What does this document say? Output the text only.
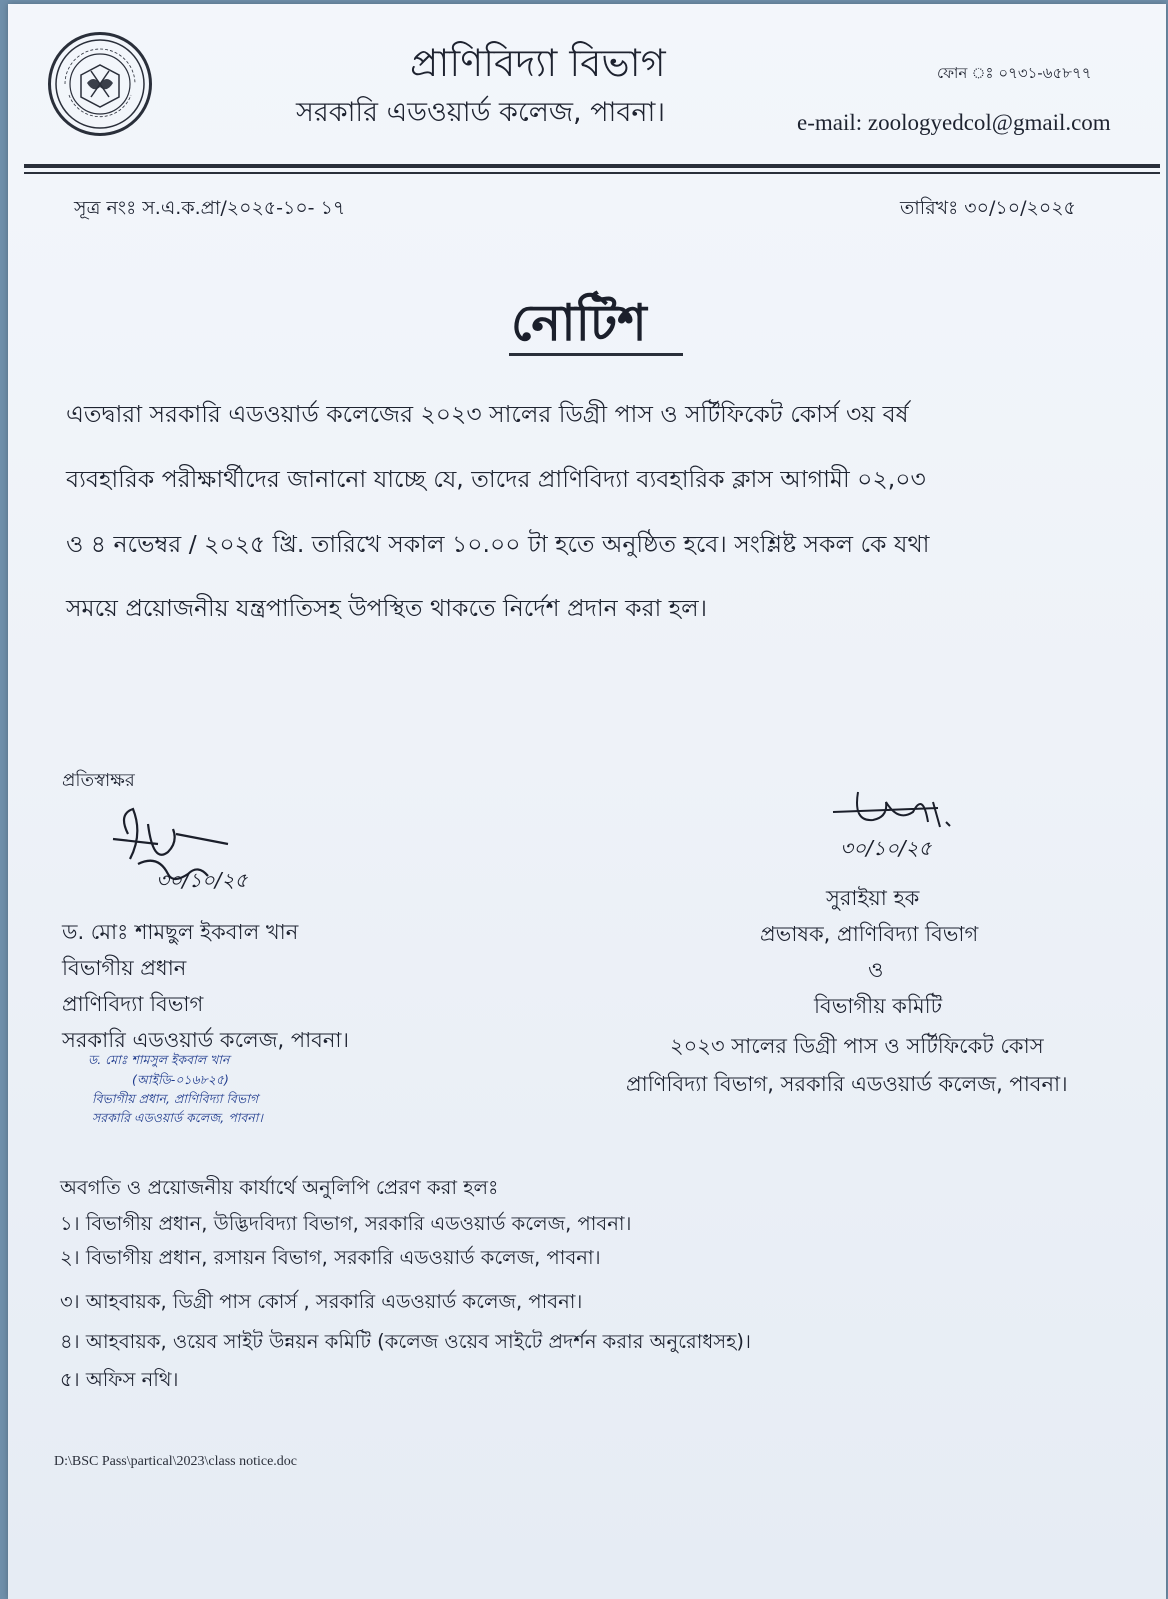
প্রাণিবিদ্যা বিভাগ
সরকারি এডওয়ার্ড কলেজ, পাবনা।
ফোন ঃ ০৭৩১-৬৫৮৭৭
e-mail: zoologyedcol@gmail.com
সূত্র নংঃ স.এ.ক.প্রা/২০২৫-১০- ১৭	তারিখঃ ৩০/১০/২০২৫
নোটিশ
এতদ্বারা সরকারি এডওয়ার্ড কলেজের ২০২৩ সালের ডিগ্রী পাস ও সর্টিফিকেট কোর্স ৩য় বর্ষ
ব্যবহারিক পরীক্ষার্থীদের জানানো যাচ্ছে যে, তাদের প্রাণিবিদ্যা ব্যবহারিক ক্লাস আগামী ০২,০৩
ও ৪ নভেম্বর / ২০২৫ খ্রি. তারিখে সকাল ১০.০০ টা হতে অনুষ্ঠিত হবে। সংশ্লিষ্ট সকল কে যথা
সময়ে প্রয়োজনীয় যন্ত্রপাতিসহ উপস্থিত থাকতে নির্দেশ প্রদান করা হল।
প্রতিস্বাক্ষর
৩০/১০/২৫
ড. মোঃ শামছুল ইকবাল খান
বিভাগীয় প্রধান
প্রাণিবিদ্যা বিভাগ
সরকারি এডওয়ার্ড কলেজ, পাবনা।
ড. মোঃ শামসুল ইকবাল খান
(আইডি-০১৬৮২৫)
বিভাগীয় প্রধান, প্রাণিবিদ্যা বিভাগ
সরকারি এডওয়ার্ড কলেজ, পাবনা।
৩০/১০/২৫
সুরাইয়া হক
প্রভাষক, প্রাণিবিদ্যা বিভাগ
ও
বিভাগীয় কমিটি
২০২৩ সালের ডিগ্রী পাস ও সর্টিফিকেট কোস
প্রাণিবিদ্যা বিভাগ, সরকারি এডওয়ার্ড কলেজ, পাবনা।
অবগতি ও প্রয়োজনীয় কার্যার্থে অনুলিপি প্রেরণ করা হলঃ
১। বিভাগীয় প্রধান, উদ্ভিদবিদ্যা বিভাগ, সরকারি এডওয়ার্ড কলেজ, পাবনা।
২। বিভাগীয় প্রধান, রসায়ন বিভাগ, সরকারি এডওয়ার্ড কলেজ, পাবনা।
৩। আহবায়ক, ডিগ্রী পাস কোর্স , সরকারি এডওয়ার্ড কলেজ, পাবনা।
৪। আহবায়ক, ওয়েব সাইট উন্নয়ন কমিটি (কলেজ ওয়েব সাইটে প্রদর্শন করার অনুরোধসহ)।
৫। অফিস নথি।
D:\BSC Pass\partical\2023\class notice.doc
